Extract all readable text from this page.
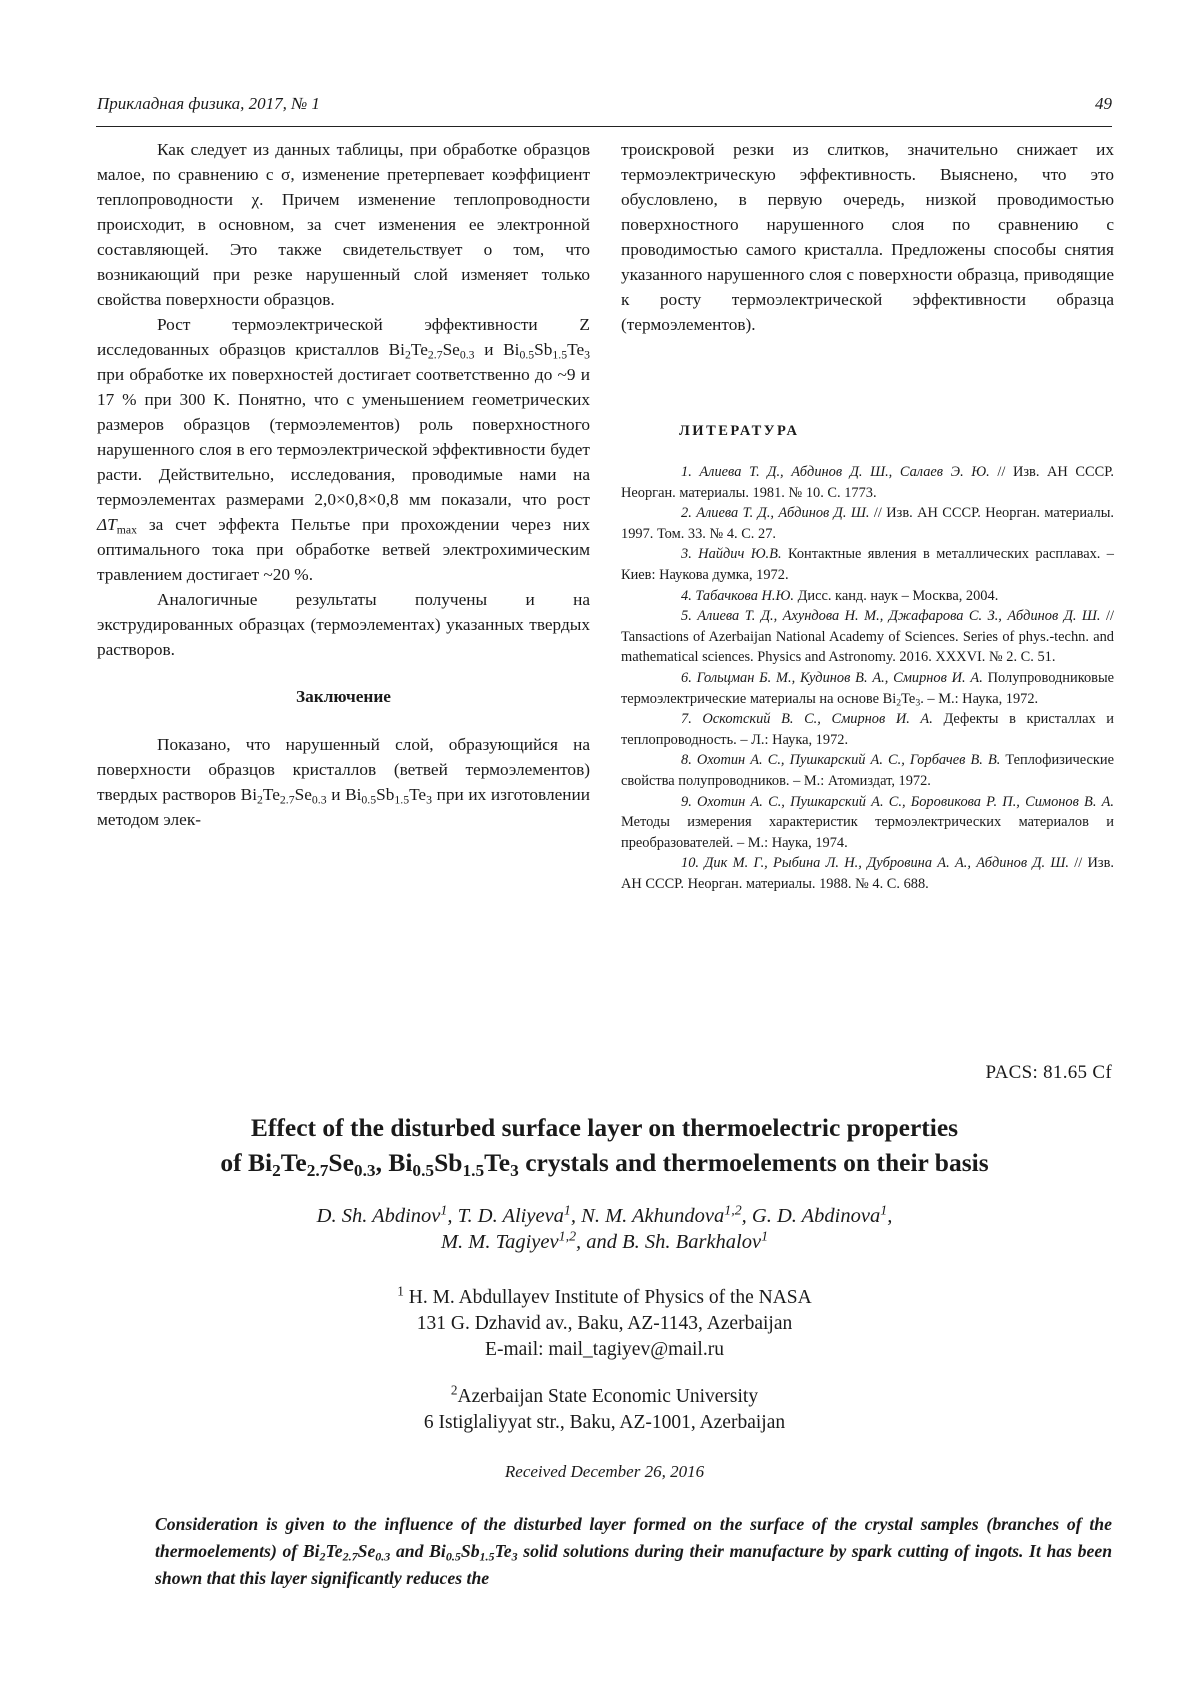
Прикладная физика, 2017, № 1	49

Как следует из данных таблицы, при обработке образцов малое, по сравнению с σ, изменение претерпевает коэффициент теплопроводности χ. Причем изменение теплопроводности происходит, в основном, за счет изменения ее электронной составляющей. Это также свидетельствует о том, что возникающий при резке нарушенный слой изменяет только свойства поверхности образцов.

Рост термоэлектрической эффективности Z исследованных образцов кристаллов Bi2Te2.7Se0.3 и Bi0.5Sb1.5Te3 при обработке их поверхностей достигает соответственно до ~9 и 17 % при 300 K. Понятно, что с уменьшением геометрических размеров образцов (термоэлементов) роль поверхностного нарушенного слоя в его термоэлектрической эффективности будет расти. Действительно, исследования, проводимые нами на термоэлементах размерами 2,0×0,8×0,8 мм показали, что рост ΔTmax за счет эффекта Пельтье при прохождении через них оптимального тока при обработке ветвей электрохимическим травлением достигает ~20 %.

Аналогичные результаты получены и на экструдированных образцах (термоэлементах) указанных твердых растворов.

Заключение

Показано, что нарушенный слой, образующийся на поверхности образцов кристаллов (ветвей термоэлементов) твердых растворов Bi2Te2.7Se0.3 и Bi0.5Sb1.5Te3 при их изготовлении методом элек-

троискровой резки из слитков, значительно снижает их термоэлектрическую эффективность. Выяснено, что это обусловлено, в первую очередь, низкой проводимостью поверхностного нарушенного слоя по сравнению с проводимостью самого кристалла. Предложены способы снятия указанного нарушенного слоя с поверхности образца, приводящие к росту термоэлектрической эффективности образца (термоэлементов).

ЛИТЕРАТУРА
1. Алиева Т. Д., Абдинов Д. Ш., Салаев Э. Ю. // Изв. АН СССР. Неорган. материалы. 1981. № 10. С. 1773.
2. Алиева Т. Д., Абдинов Д. Ш. // Изв. АН СССР. Неорган. материалы. 1997. Том. 33. № 4. С. 27.
3. Найдич Ю.В. Контактные явления в металлических расплавах. – Киев: Наукова думка, 1972.
4. Табачкова Н.Ю. Дисс. канд. наук – Москва, 2004.
5. Алиева Т. Д., Ахундова Н. М., Джафарова С. З., Абдинов Д. Ш. // Tansactions of Azerbaijan National Academy of Sciences. Series of phys.-techn. and mathematical sciences. Physics and Astronomy. 2016. XXXVI. № 2. С. 51.
6. Гольцман Б. М., Кудинов В. А., Смирнов И. А. Полупроводниковые термоэлектрические материалы на основе Bi2Te3. – М.: Наука, 1972.
7. Оскотский В. С., Смирнов И. А. Дефекты в кристаллах и теплопроводность. – Л.: Наука, 1972.
8. Охотин А. С., Пушкарский А. С., Горбачев В. В. Теплофизические свойства полупроводников. – М.: Атомиздат, 1972.
9. Охотин А. С., Пушкарский А. С., Боровикова Р. П., Симонов В. А. Методы измерения характеристик термоэлектрических материалов и преобразователей. – М.: Наука, 1974.
10. Дик М. Г., Рыбина Л. Н., Дубровина А. А., Абдинов Д. Ш. // Изв. АН СССР. Неорган. материалы. 1988. № 4. С. 688.
PACS: 81.65 Cf
Effect of the disturbed surface layer on thermoelectric properties
of Bi2Te2.7Se0.3, Bi0.5Sb1.5Te3 crystals and thermoelements on their basis
D. Sh. Abdinov1, T. D. Aliyeva1, N. M. Akhundova1,2, G. D. Abdinova1,
M. M. Tagiyev1,2, and B. Sh. Barkhalov1
1 H. M. Abdullayev Institute of Physics of the NASA
131 G. Dzhavid av., Baku, AZ-1143, Azerbaijan
E-mail: mail_tagiyev@mail.ru
2Azerbaijan State Economic University
6 Istiglaliyyat str., Baku, AZ-1001, Azerbaijan
Received December 26, 2016
Consideration is given to the influence of the disturbed layer formed on the surface of the crystal samples (branches of the thermoelements) of Bi2Te2.7Se0.3 and Bi0.5Sb1.5Te3 solid solutions during their manufacture by spark cutting of ingots. It has been shown that this layer significantly reduces the
